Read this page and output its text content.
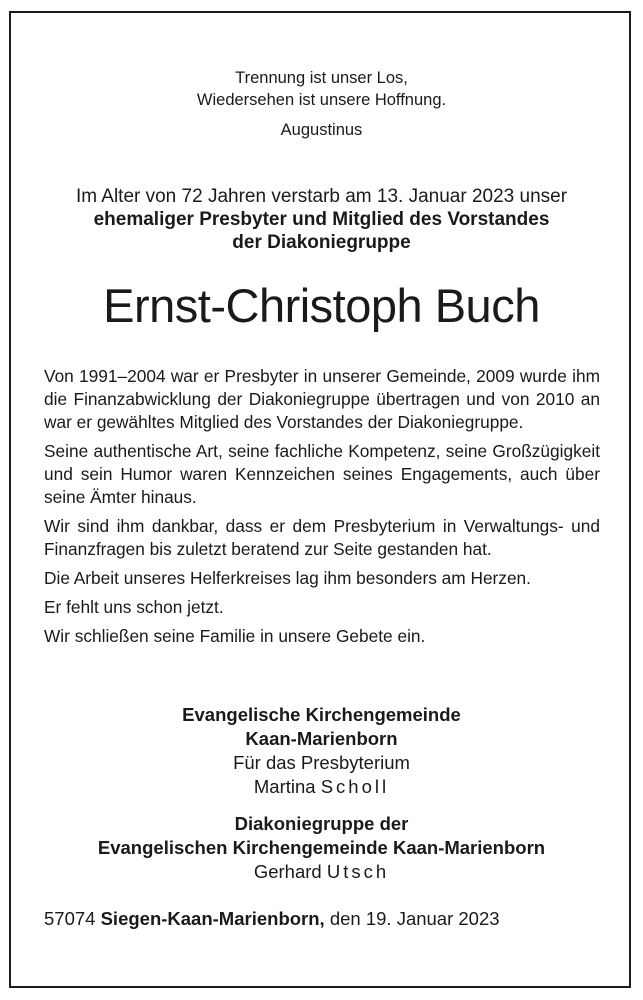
Trennung ist unser Los,
Wiedersehen ist unsere Hoffnung.
Augustinus
Im Alter von 72 Jahren verstarb am 13. Januar 2023 unser
ehemaliger Presbyter und Mitglied des Vorstandes
der Diakoniegruppe
Ernst-Christoph Buch

Von 1991–2004 war er Presbyter in unserer Gemeinde, 2009 wurde ihm die Finanzabwicklung der Diakoniegruppe übertragen und von 2010 an war er gewähltes Mitglied des Vorstandes der Diakoniegruppe.

Seine authentische Art, seine fachliche Kompetenz, seine Großzügigkeit und sein Humor waren Kennzeichen seines Engagements, auch über seine Ämter hinaus.

Wir sind ihm dankbar, dass er dem Presbyterium in Verwaltungs- und Finanzfragen bis zuletzt beratend zur Seite gestanden hat.

Die Arbeit unseres Helferkreises lag ihm besonders am Herzen.

Er fehlt uns schon jetzt.

Wir schließen seine Familie in unsere Gebete ein.

Evangelische Kirchengemeinde
Kaan-Marienborn
Für das Presbyterium
Martina Scholl
Diakoniegruppe der
Evangelischen Kirchengemeinde Kaan-Marienborn
Gerhard Utsch
57074 Siegen-Kaan-Marienborn, den 19. Januar 2023
